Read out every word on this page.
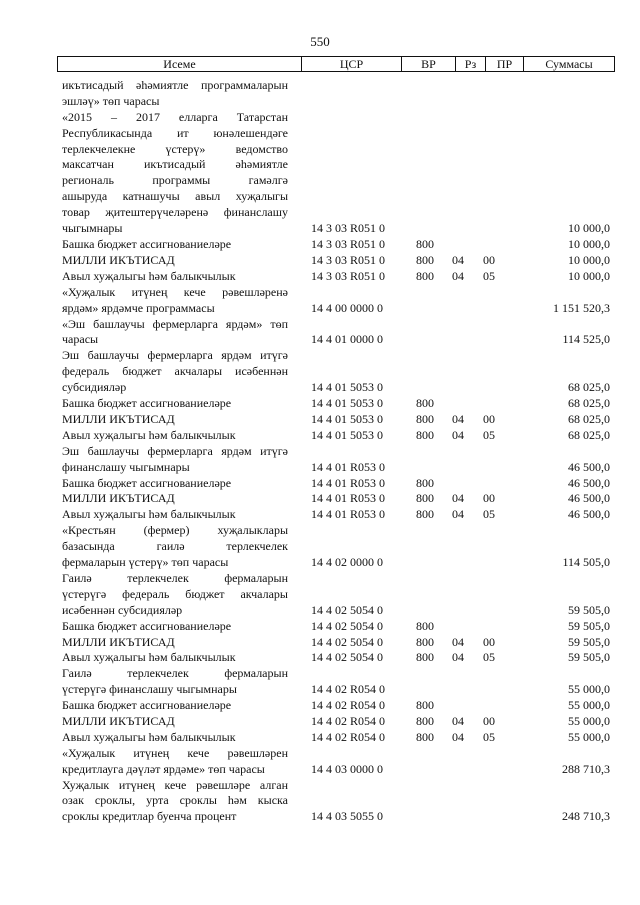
550
Исеме	ЦСР	ВР	Рз	ПР	Суммасы
икътисадый әһәмиятле программаларын
эшләү» төп чарасы
«2015 – 2017 елларга Татарстан
Республикасында ит юнәлешендәге
терлекчелекне үстерү» ведомство
максатчан икътисадый әһәмиятле
региональ программы гамәлгә
ашыруда катнашучы авыл хуҗалыгы
товар җитештерүчеләренә финанслашу
чыгымнары	14 3 03 R051 0	10 000,0
Башка бюджет ассигнованиеләре	14 3 03 R051 0	800	10 000,0
МИЛЛИ ИКЪТИСАД	14 3 03 R051 0	800 04 00	10 000,0
Авыл хуҗалыгы һәм балыкчылык	14 3 03 R051 0	800 04 05	10 000,0
«Хуҗалык итүнең кече рәвешләренә
ярдәм» ярдәмче программасы	14 4 00 0000 0	1 151 520,3
«Эш башлаучы фермерларга ярдәм» төп
чарасы	14 4 01 0000 0	114 525,0
Эш башлаучы фермерларга ярдәм итүгә
федераль бюджет акчалары исәбеннән
субсидияләр	14 4 01 5053 0	68 025,0
Башка бюджет ассигнованиеләре	14 4 01 5053 0	800	68 025,0
МИЛЛИ ИКЪТИСАД	14 4 01 5053 0	800 04 00	68 025,0
Авыл хуҗалыгы һәм балыкчылык	14 4 01 5053 0	800 04 05	68 025,0
Эш башлаучы фермерларга ярдәм итүгә
финанслашу чыгымнары	14 4 01 R053 0	46 500,0
Башка бюджет ассигнованиеләре	14 4 01 R053 0	800	46 500,0
МИЛЛИ ИКЪТИСАД	14 4 01 R053 0	800 04 00	46 500,0
Авыл хуҗалыгы һәм балыкчылык	14 4 01 R053 0	800 04 05	46 500,0
«Крестьян (фермер) хуҗалыклары
базасында гаилә терлекчелек
фермаларын үстерү» төп чарасы	14 4 02 0000 0	114 505,0
Гаилә терлекчелек фермаларын
үстерүгә федераль бюджет акчалары
исәбеннән субсидияләр	14 4 02 5054 0	59 505,0
Башка бюджет ассигнованиеләре	14 4 02 5054 0	800	59 505,0
МИЛЛИ ИКЪТИСАД	14 4 02 5054 0	800 04 00	59 505,0
Авыл хуҗалыгы һәм балыкчылык	14 4 02 5054 0	800 04 05	59 505,0
Гаилә терлекчелек фермаларын
үстерүгә финанслашу чыгымнары	14 4 02 R054 0	55 000,0
Башка бюджет ассигнованиеләре	14 4 02 R054 0	800	55 000,0
МИЛЛИ ИКЪТИСАД	14 4 02 R054 0	800 04 00	55 000,0
Авыл хуҗалыгы һәм балыкчылык	14 4 02 R054 0	800 04 05	55 000,0
«Хуҗалык итүнең кече рәвешләрен
кредитлауга дәүләт ярдәме» төп чарасы	14 4 03 0000 0	288 710,3
Хуҗалык итүнең кече рәвешләре алган
озак сроклы, урта сроклы һәм кыска
сроклы кредитлар буенча процент	14 4 03 5055 0	248 710,3
